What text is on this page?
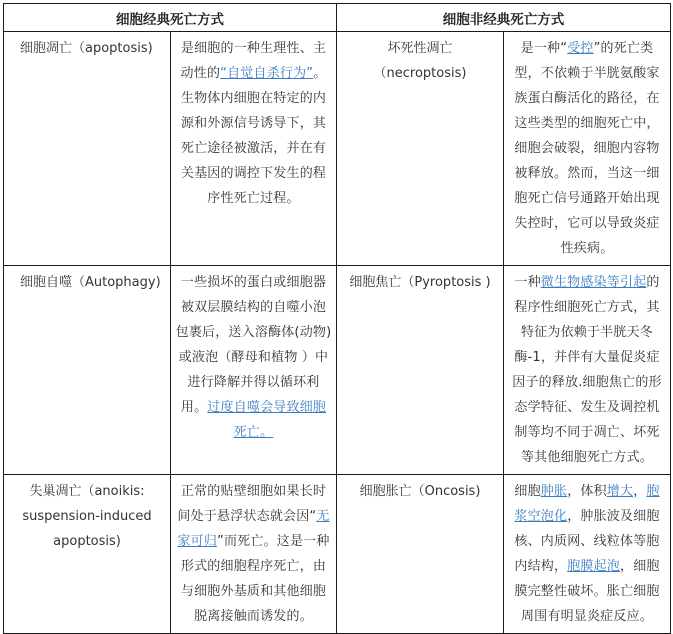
细胞经典死亡方式		细胞非经典死亡方式	
细胞凋亡（apoptosis)	是细胞的一种生理性、主动性的“自觉自杀行为”。生物体内细胞在特定的内源和外源信号诱导下，其死亡途径被激活，并在有关基因的调控下发生的程序性死亡过程。	坏死性凋亡（necroptosis)	是一种“受控”的死亡类型，不依赖于半胱氨酸家族蛋白酶活化的路径，在这些类型的细胞死亡中，细胞会破裂，细胞内容物被释放。然而，当这一细胞死亡信号通路开始出现失控时，它可以导致炎症性疾病。
细胞自噬（Autophagy)	一些损坏的蛋白或细胞器被双层膜结构的自噬小泡包裹后，送入溶酶体(动物)或液泡（酵母和植物 ）中进行降解并得以循环利用。过度自噬会导致细胞死亡。	细胞焦亡（Pyroptosis )	一种微生物感染等引起的程序性细胞死亡方式，其特征为依赖于半胱天冬酶-1，并伴有大量促炎症因子的释放.细胞焦亡的形态学特征、发生及调控机制等均不同于凋亡、坏死等其他细胞死亡方式。
失巢凋亡（anoikis: suspension-induced apoptosis)	正常的贴壁细胞如果长时间处于悬浮状态就会因“无家可归”而死亡。这是一种形式的细胞程序死亡，由与细胞外基质和其他细胞脱离接触而诱发的。	细胞胀亡（Oncosis)	细胞肿胀，体积增大，胞浆空泡化，肿胀波及细胞核、内质网、线粒体等胞内结构，胞膜起泡，细胞膜完整性破坏。胀亡细胞周围有明显炎症反应。
